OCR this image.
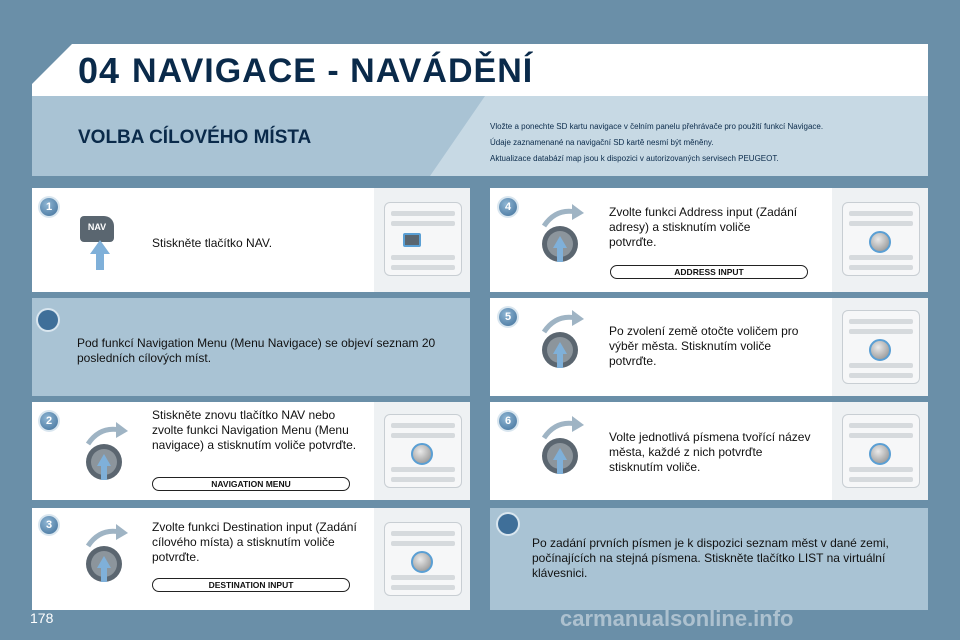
04 NAVIGACE - NAVÁDĚNÍ
VOLBA CÍLOVÉHO MÍSTA

Vložte a ponechte SD kartu navigace v čelním panelu přehrávače pro použití funkcí Navigace.

Údaje zaznamenané na navigační SD kartě nesmí být měněny.

Aktualizace databází map jsou k dispozici v autorizovaných servisech PEUGEOT.

1
NAV
Stiskněte tlačítko NAV.
Pod funkcí Navigation Menu (Menu Navigace) se objeví seznam 20 posledních cílových míst.
2	Stiskněte znovu tlačítko NAV nebo zvolte funkci Navigation Menu (Menu navigace) a stisknutím voliče potvrďte.
NAVIGATION MENU
3	Zvolte funkci Destination input (Zadání cílového místa) a stisknutím voliče potvrďte.
DESTINATION INPUT
4	Zvolte funkci Address input (Zadání adresy) a stisknutím voliče potvrďte.
ADDRESS INPUT
5
Po zvolení země otočte voličem pro výběr města. Stisknutím voliče potvrďte.
6
Volte jednotlivá písmena tvořící název města, každé z nich potvrďte stisknutím voliče.
Po zadání prvních písmen je k dispozici seznam měst v dané zemi, počínajících na stejná písmena. Stiskněte tlačítko LIST na virtuální klávesnici.
178	carmanualsonline.info
